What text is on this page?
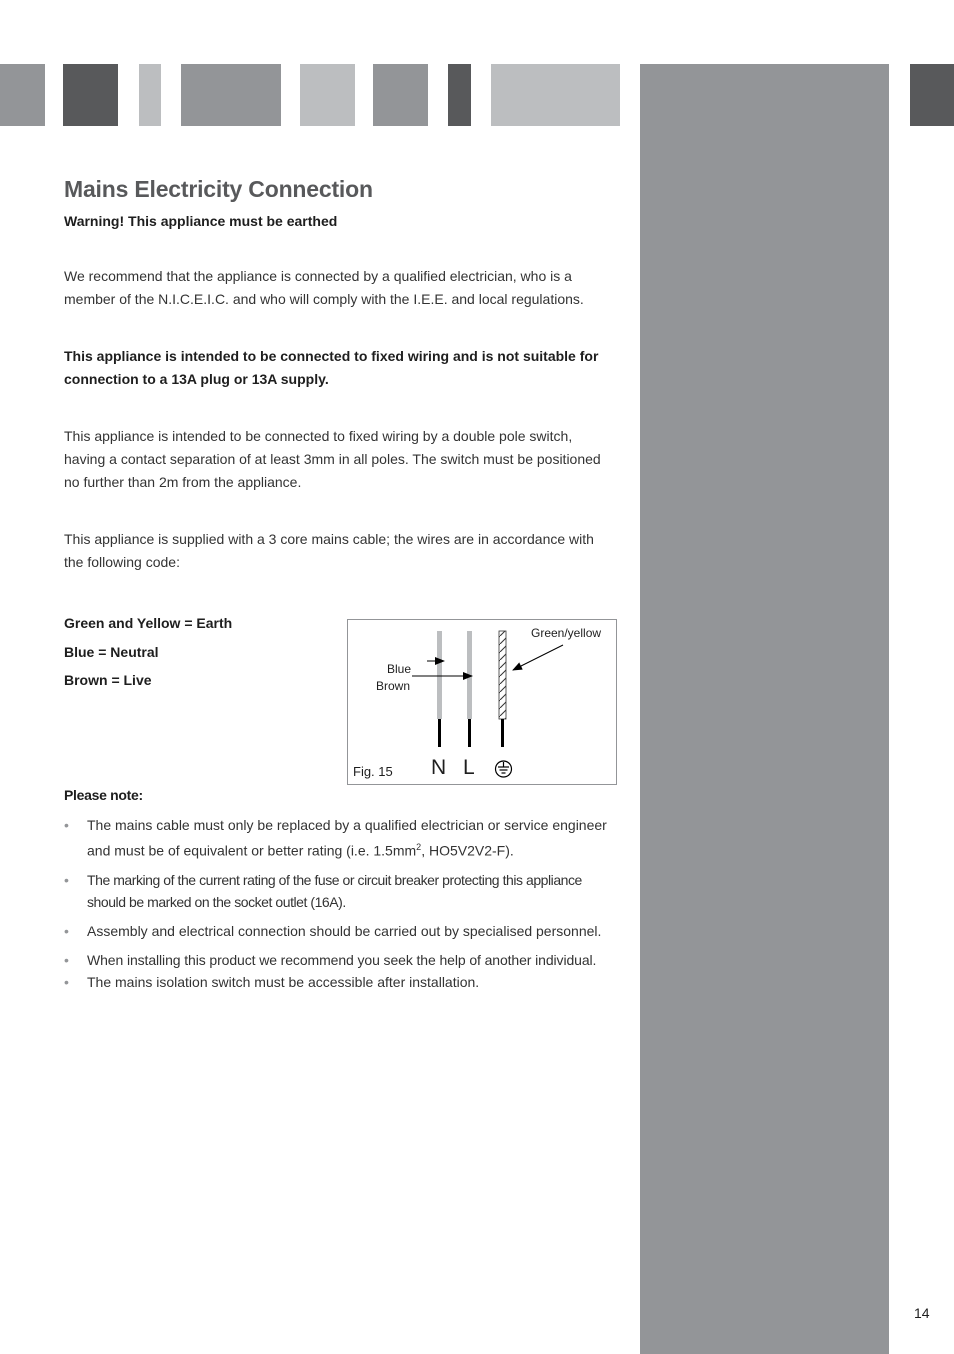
Mains Electricity Connection
Warning! This appliance must be earthed

We recommend that the appliance is connected by a qualified electrician, who is a member of the N.I.C.E.I.C. and who will comply with the I.E.E. and local regulations.

This appliance is intended to be connected to fixed wiring and is not suitable for connection to a 13A plug or 13A supply.

This appliance is intended to be connected to fixed wiring by a double pole switch, having a contact separation of at least 3mm in all poles. The switch must be positioned no further than 2m from the appliance.

This appliance is supplied with a 3 core mains cable; the wires are in accordance with the following code:

Green and Yellow = Earth
Blue = Neutral
Brown = Live
Green/yellow
Blue
Brown
N L
Fig. 15
Please note:
• The mains cable must only be replaced by a qualified electrician or service engineer and must be of equivalent or better rating (i.e. $1.5mm^2$, HO5V2V2-F).
• The marking of the current rating of the fuse or circuit breaker protecting this appliance should be marked on the socket outlet (16A).
• Assembly and electrical connection should be carried out by specialised personnel.
• When installing this product we recommend you seek the help of another individual.
• The mains isolation switch must be accessible after installation.
14
